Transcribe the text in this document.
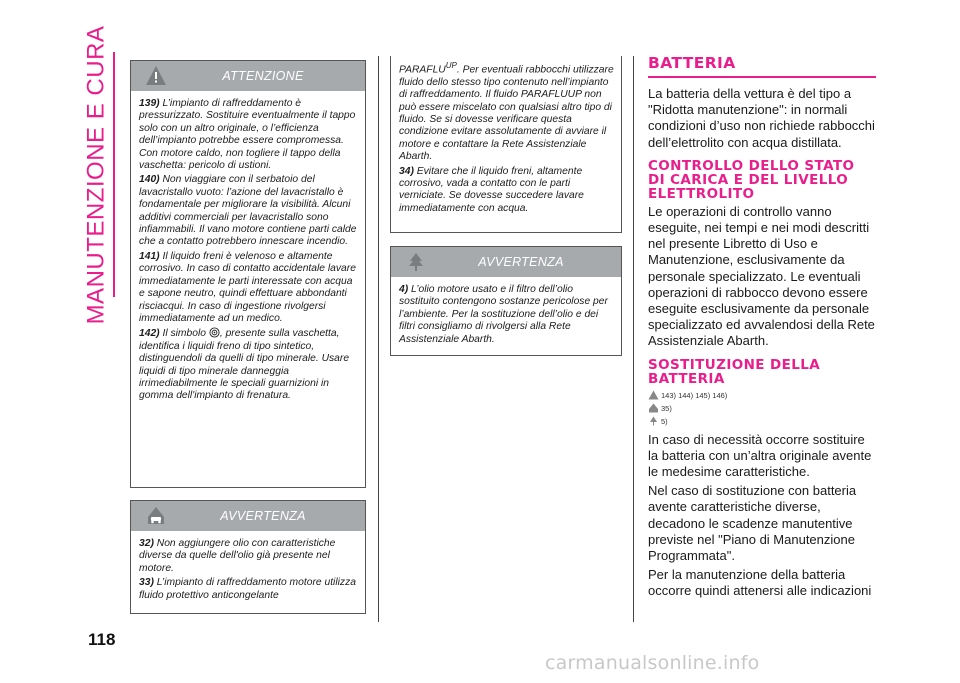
MANUTENZIONE E CURA	ATTENZIONE

139) L’impianto di raffreddamento è pressurizzato. Sostituire eventualmente il tappo solo con un altro originale, o l’efficienza dell’impianto potrebbe essere compromessa. Con motore caldo, non togliere il tappo della vaschetta: pericolo di ustioni.

140) Non viaggiare con il serbatoio del lavacristallo vuoto: l’azione del lavacristallo è fondamentale per migliorare la visibilità. Alcuni additivi commerciali per lavacristallo sono infiammabili. Il vano motore contiene parti calde che a contatto potrebbero innescare incendio.

141) Il liquido freni è velenoso e altamente corrosivo. In caso di contatto accidentale lavare immediatamente le parti interessate con acqua e sapone neutro, quindi effettuare abbondanti risciacqui. In caso di ingestione rivolgersi immediatamente ad un medico.

142) Il simbolo , presente sulla vaschetta, identifica i liquidi freno di tipo sintetico, distinguendoli da quelli di tipo minerale. Usare liquidi di tipo minerale danneggia irrimediabilmente le speciali guarnizioni in gomma dell'impianto di frenatura.

AVVERTENZA

32) Non aggiungere olio con caratteristiche diverse da quelle dell'olio già presente nel motore.

33) L’impianto di raffreddamento motore utilizza fluido protettivo anticongelante

$PARAFLU^{UP}$. Per eventuali rabbocchi utilizzare fluido dello stesso tipo contenuto nell’impianto di raffreddamento. Il fluido PARAFLUUP non può essere miscelato con qualsiasi altro tipo di fluido. Se si dovesse verificare questa condizione evitare assolutamente di avviare il motore e contattare la Rete Assistenziale Abarth.

34) Evitare che il liquido freni, altamente corrosivo, vada a contatto con le parti verniciate. Se dovesse succedere lavare immediatamente con acqua.

AVVERTENZA

4) L’olio motore usato e il filtro dell’olio sostituito contengono sostanze pericolose per l’ambiente. Per la sostituzione dell’olio e dei filtri consigliamo di rivolgersi alla Rete Assistenziale Abarth.

BATTERIA

La batteria della vettura è del tipo a "Ridotta manutenzione": in normali condizioni d’uso non richiede rabbocchi dell’elettrolito con acqua distillata.

CONTROLLO DELLO STATO DI CARICA E DEL LIVELLO ELETTROLITO

Le operazioni di controllo vanno eseguite, nei tempi e nei modi descritti nel presente Libretto di Uso e Manutenzione, esclusivamente da personale specializzato. Le eventuali operazioni di rabbocco devono essere eseguite esclusivamente da personale specializzato ed avvalendosi della Rete Assistenziale Abarth.

SOSTITUZIONE DELLA BATTERIA

143) 144) 145) 146)

35)

5)

In caso di necessità occorre sostituire la batteria con un’altra originale avente le medesime caratteristiche.

Nel caso di sostituzione con batteria avente caratteristiche diverse, decadono le scadenze manutentive previste nel "Piano di Manutenzione Programmata".

Per la manutenzione della batteria occorre quindi attenersi alle indicazioni

118
carmanualsonline.info
